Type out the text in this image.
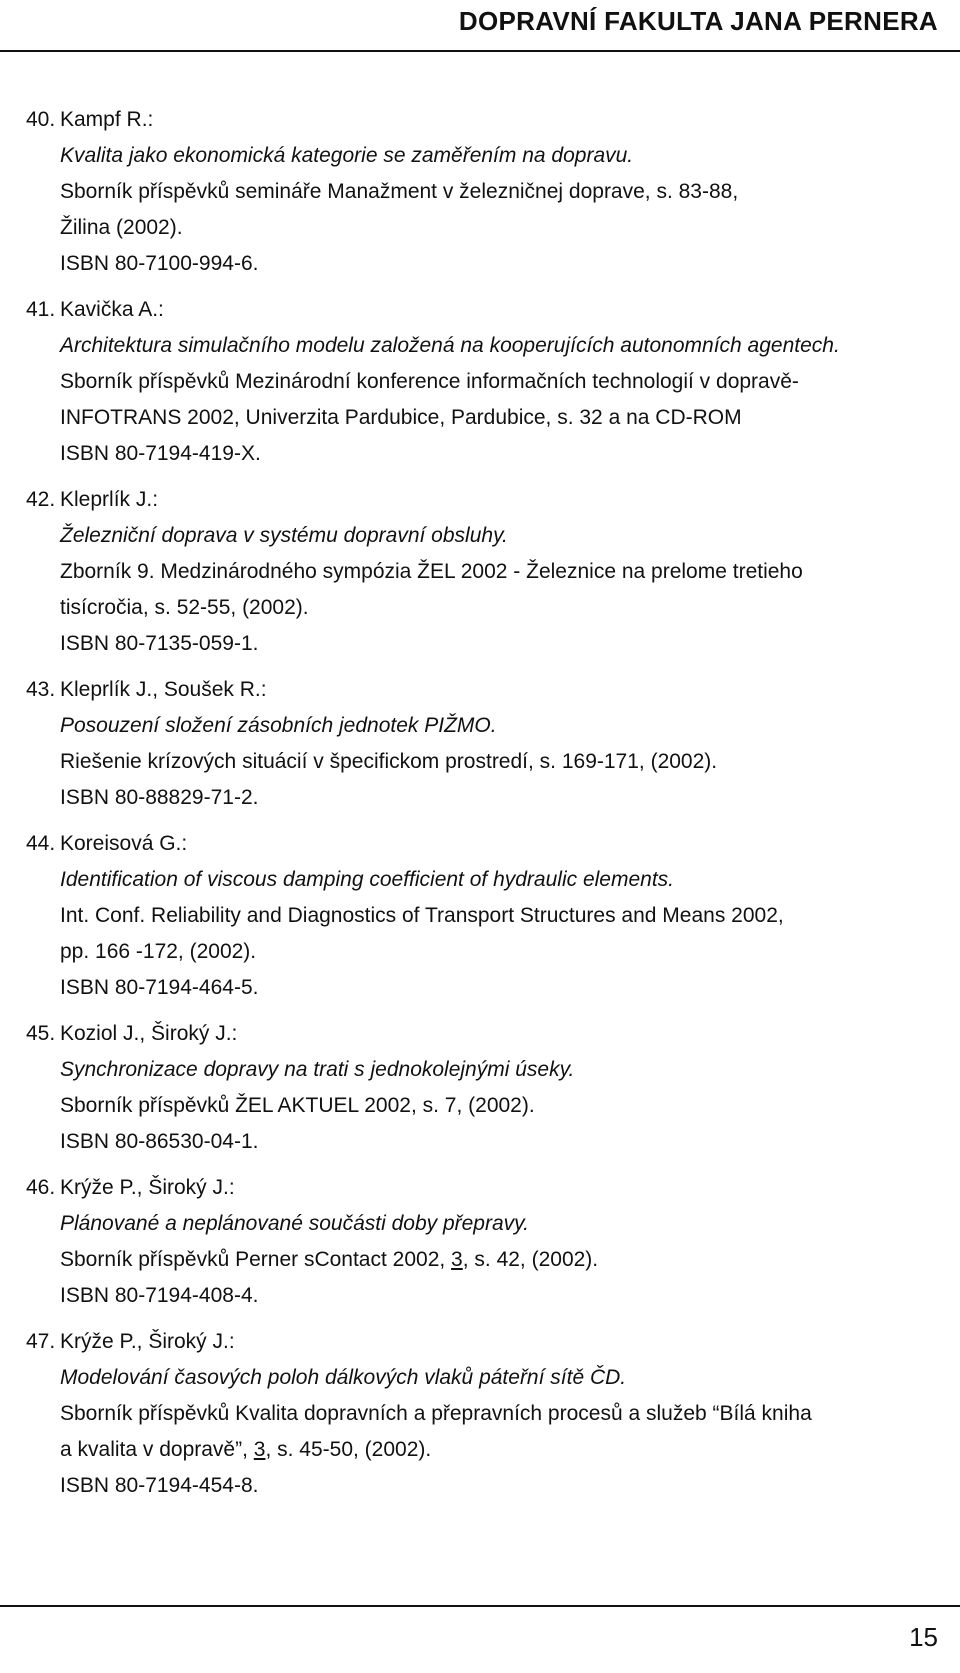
DOPRAVNÍ FAKULTA JANA PERNERA
40. Kampf R.:
Kvalita jako ekonomická kategorie se zaměřením na dopravu.
Sborník příspěvků semináře Manažment v železničnej doprave, s. 83-88,
Žilina (2002).
ISBN 80-7100-994-6.
41. Kavička A.:
Architektura simulačního modelu založená na kooperujících autonomních agentech.
Sborník příspěvků Mezinárodní konference informačních technologií v dopravě-
INFOTRANS 2002, Univerzita Pardubice, Pardubice, s. 32 a na CD-ROM
ISBN 80-7194-419-X.
42. Kleprlík J.:
Železniční doprava v systému dopravní obsluhy.
Zborník 9. Medzinárodného sympózia ŽEL 2002 - Železnice na prelome tretieho
tisícročia, s. 52-55, (2002).
ISBN 80-7135-059-1.
43. Kleprlík J., Soušek R.:
Posouzení složení zásobních jednotek PIŽMO.
Riešenie krízových situácií v špecifickom prostredí, s. 169-171, (2002).
ISBN 80-88829-71-2.
44. Koreisová G.:
Identification of viscous damping coefficient of hydraulic elements.
Int. Conf. Reliability and Diagnostics of Transport Structures and Means 2002,
pp. 166 -172, (2002).
ISBN 80-7194-464-5.
45. Koziol J., Široký J.:
Synchronizace dopravy na trati s jednokolejnými úseky.
Sborník příspěvků ŽEL AKTUEL 2002, s. 7, (2002).
ISBN 80-86530-04-1.
46. Krýže P., Široký J.:
Plánované a neplánované součásti doby přepravy.
Sborník příspěvků Perner sContact 2002, 3, s. 42, (2002).
ISBN 80-7194-408-4.
47. Krýže P., Široký J.:
Modelování časových poloh dálkových vlaků páteřní sítě ČD.
Sborník příspěvků Kvalita dopravních a přepravních procesů a služeb “Bílá kniha
a kvalita v dopravě”, 3, s. 45-50, (2002).
ISBN 80-7194-454-8.
15
